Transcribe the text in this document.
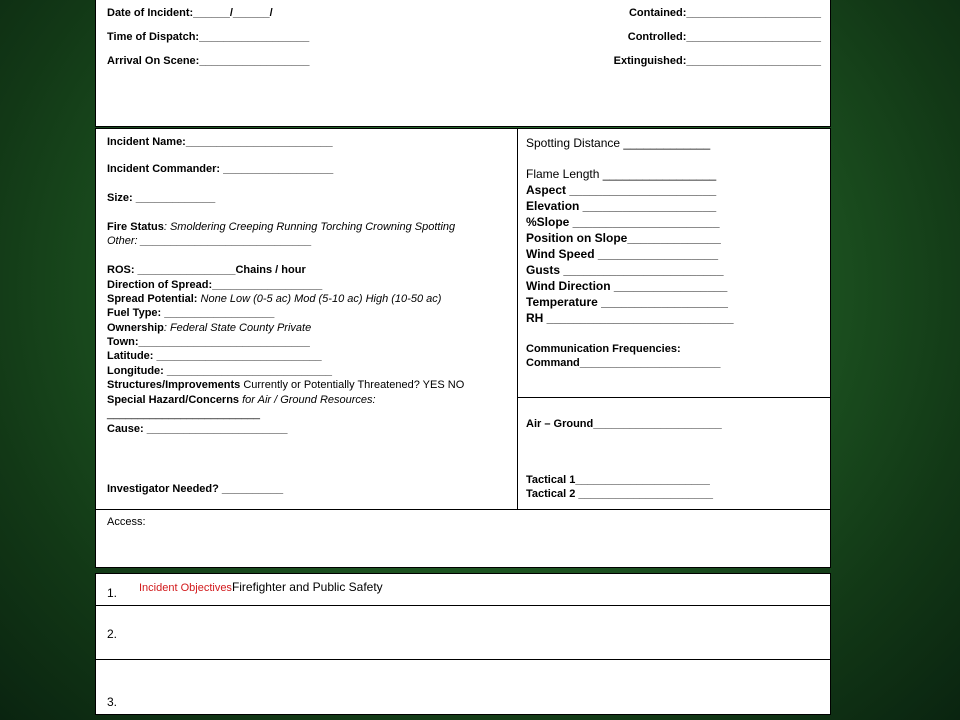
Date of Incident:______/______/
Time of Dispatch:__________________
Arrival On Scene:__________________
Contained:______________________
Controlled:______________________
Extinguished:______________________
Incident Name:________________________
Incident Commander: __________________
Size: _____________
Fire Status: Smoldering Creeping Running Torching Crowning Spotting
Other: ____________________________
ROS: ________________Chains / hour
Direction of Spread:__________________
Spread Potential: None Low (0-5 ac) Mod (5-10 ac) High (10-50 ac)
Fuel Type: __________________
Ownership: Federal State County Private
Town:____________________________
Latitude: ___________________________
Longitude: ___________________________
Structures/Improvements Currently or Potentially Threatened? YES NO
Special Hazard/Concerns for Air / Ground Resources:
_________________________
Cause: _______________________
Investigator Needed? __________
Spotting Distance _____________
Flame Length _________________
Aspect ______________________
Elevation ____________________
%Slope ______________________
Position on Slope______________
Wind Speed __________________
Gusts ________________________
Wind Direction _________________
Temperature ___________________
RH ____________________________
Communication Frequencies:
Command_______________________
Air – Ground_____________________
Tactical 1______________________
Tactical 2 ______________________
Access:
1. Incident ObjectivesFirefighter and Public Safety
2.
3.
